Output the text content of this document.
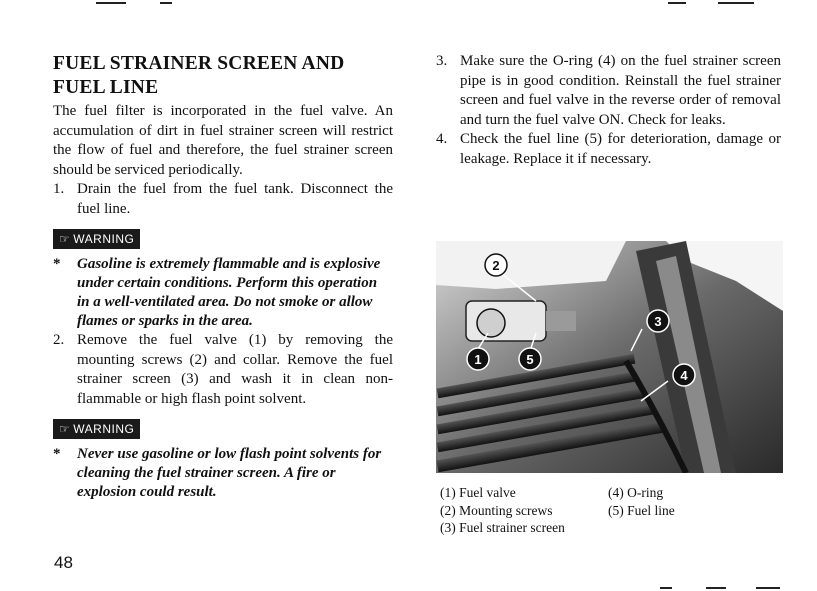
FUEL STRAINER SCREEN AND
FUEL LINE

The fuel filter is incorporated in the fuel valve. An accumulation of dirt in fuel strainer screen will restrict the flow of fuel and therefore, the fuel strainer screen should be serviced periodically.

1. Drain the fuel from the fuel tank. Disconnect the fuel line.
☞ WARNING
*	Gasoline is extremely flammable and is explosive under certain conditions. Perform this operation in a well-ventilated area. Do not smoke or allow flames or sparks in the area.
2. Remove the fuel valve (1) by removing the mounting screws (2) and collar. Remove the fuel strainer screen (3) and wash it in clean non-flammable or high flash point solvent.
☞ WARNING
*	Never use gasoline or low flash point solvents for cleaning the fuel strainer screen. A fire or explosion could result.
3. Make sure the O-ring (4) on the fuel strainer screen pipe is in good condition. Reinstall the fuel strainer screen and fuel valve in the reverse order of removal and turn the fuel valve ON. Check for leaks.
4. Check the fuel line (5) for deterioration, damage or leakage. Replace it if necessary.
2
1	5
3
4
(1) Fuel valve	(4) O-ring
(2) Mounting screws	(5) Fuel line
(3) Fuel strainer screen
48
